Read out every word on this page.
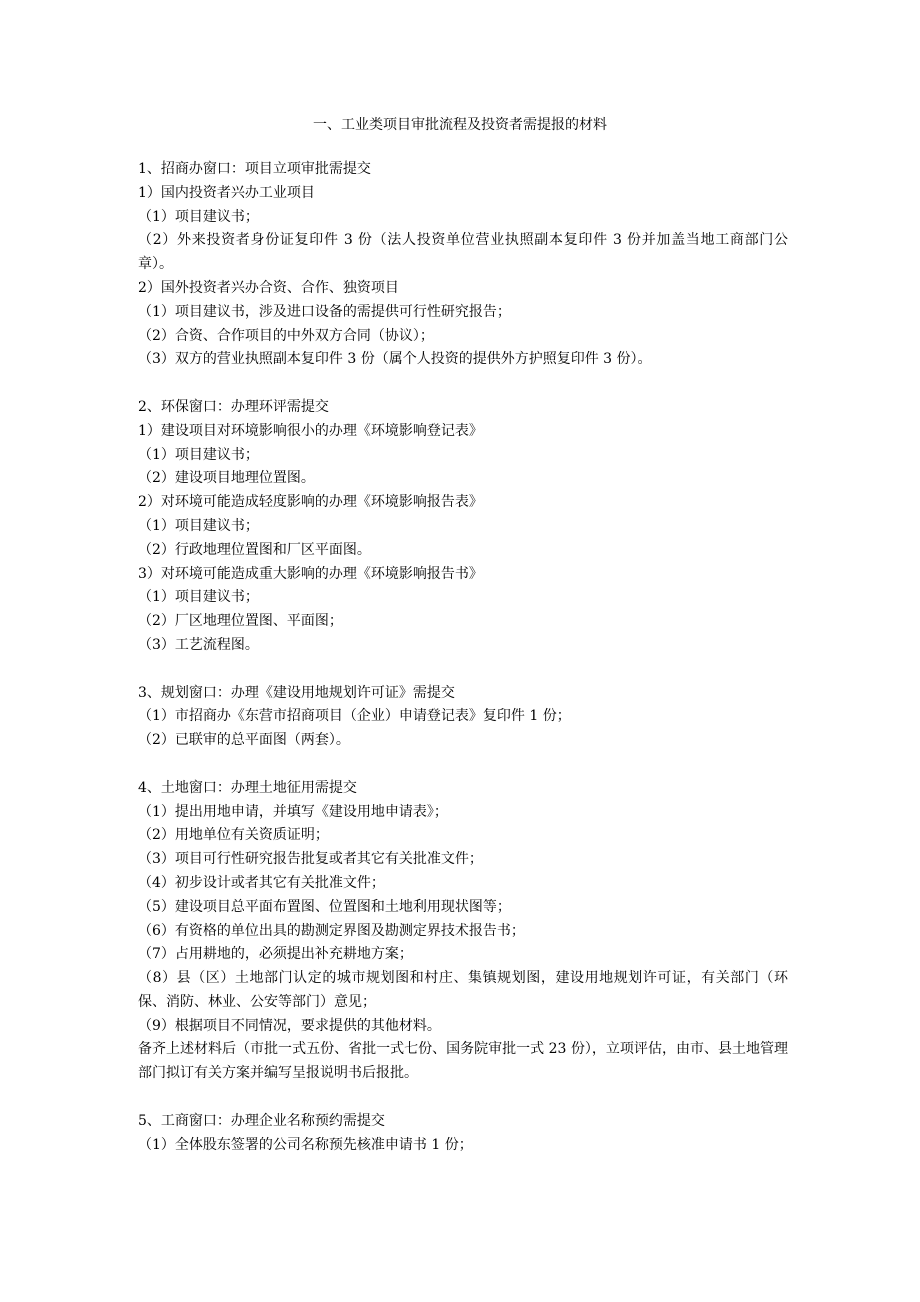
一、工业类项目审批流程及投资者需提报的材料
1、招商办窗口：项目立项审批需提交
1）国内投资者兴办工业项目
（1）项目建议书；
（2）外来投资者身份证复印件 3 份（法人投资单位营业执照副本复印件 3 份并加盖当地工商部门公章）。
2）国外投资者兴办合资、合作、独资项目
（1）项目建议书，涉及进口设备的需提供可行性研究报告；
（2）合资、合作项目的中外双方合同（协议）；
（3）双方的营业执照副本复印件 3 份（属个人投资的提供外方护照复印件 3 份）。
2、环保窗口：办理环评需提交
1）建设项目对环境影响很小的办理《环境影响登记表》
（1）项目建议书；
（2）建设项目地理位置图。
2）对环境可能造成轻度影响的办理《环境影响报告表》
（1）项目建议书；
（2）行政地理位置图和厂区平面图。
3）对环境可能造成重大影响的办理《环境影响报告书》
（1）项目建议书；
（2）厂区地理位置图、平面图；
（3）工艺流程图。
3、规划窗口：办理《建设用地规划许可证》需提交
（1）市招商办《东营市招商项目（企业）申请登记表》复印件 1 份；
（2）已联审的总平面图（两套）。
4、土地窗口：办理土地征用需提交
（1）提出用地申请，并填写《建设用地申请表》；
（2）用地单位有关资质证明；
（3）项目可行性研究报告批复或者其它有关批准文件；
（4）初步设计或者其它有关批准文件；
（5）建设项目总平面布置图、位置图和土地利用现状图等；
（6）有资格的单位出具的勘测定界图及勘测定界技术报告书；
（7）占用耕地的，必须提出补充耕地方案；
（8）县（区）土地部门认定的城市规划图和村庄、集镇规划图，建设用地规划许可证，有关部门（环保、消防、林业、公安等部门）意见；
（9）根据项目不同情况，要求提供的其他材料。
备齐上述材料后（市批一式五份、省批一式七份、国务院审批一式 23 份），立项评估，由市、县土地管理部门拟订有关方案并编写呈报说明书后报批。
5、工商窗口：办理企业名称预约需提交
（1）全体股东签署的公司名称预先核准申请书 1 份；
